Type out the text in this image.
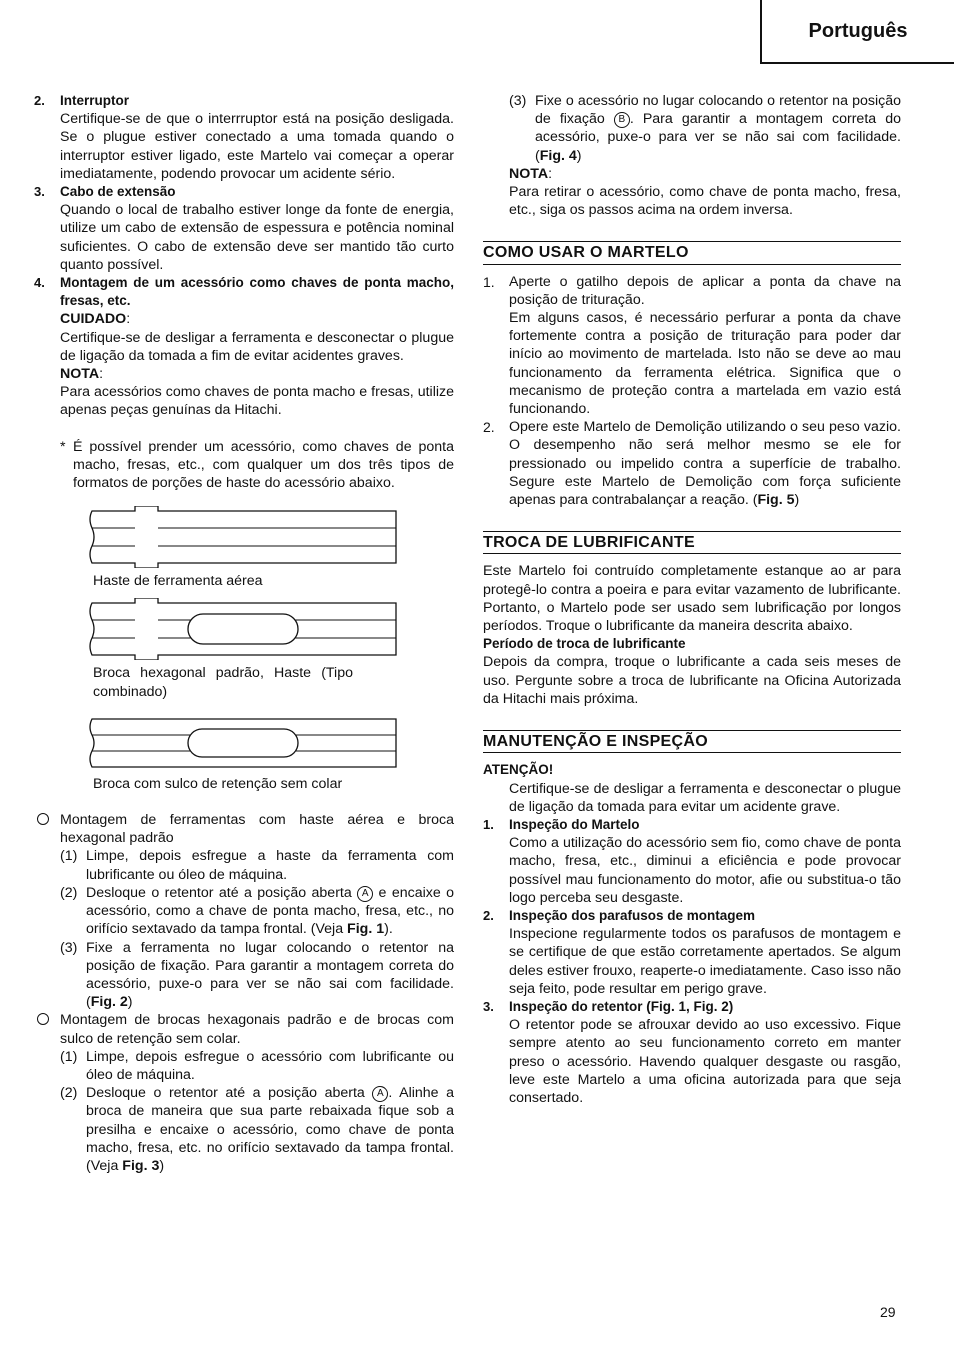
Português
2. Interruptor

Certifique-se de que o interrruptor está na posição desligada. Se o plugue estiver conectado a uma tomada quando o interruptor estiver ligado, este Martelo vai começar a operar imediatamente, podendo provocar um acidente sério.

3. Cabo de extensão

Quando o local de trabalho estiver longe da fonte de energia, utilize um cabo de extensão de espessura e potência nominal suficientes. O cabo de extensão deve ser mantido tão curto quanto possível.

4. Montagem de um acessório como chaves de ponta macho, fresas, etc.

CUIDADO:

Certifique-se de desligar a ferramenta e desconectar o plugue de ligação da tomada a fim de evitar acidentes graves.

NOTA:

Para acessórios como chaves de ponta macho e fresas, utilize apenas peças genuínas da Hitachi.

* É possível prender um acessório, como chaves de ponta macho, fresas, etc., com qualquer um dos três tipos de formatos de porções de haste do acessório abaixo.

Haste de ferramenta aérea

Broca hexagonal padrão, Haste (Tipo combinado)

Broca com sulco de retenção sem colar

Montagem de ferramentas com haste aérea e broca hexagonal padrão

(1) Limpe, depois esfregue a haste da ferramenta com lubrificante ou óleo de máquina.

(2) Desloque o retentor até a posição aberta A e encaixe o acessório, como a chave de ponta macho, fresa, etc., no orifício sextavado da tampa frontal. (Veja Fig. 1).

(3) Fixe a ferramenta no lugar colocando o retentor na posição de fixação. Para garantir a montagem correta do acessório, puxe-o para ver se não sai com facilidade. (Fig. 2)

Montagem de brocas hexagonais padrão e de brocas com sulco de retenção sem colar.

(1) Limpe, depois esfregue o acessório com lubrificante ou óleo de máquina.

(2) Desloque o retentor até a posição aberta A . Alinhe a broca de maneira que sua parte rebaixada fique sob a presilha e encaixe o acessório, como chave de ponta macho, fresa, etc. no orifício sextavado da tampa frontal. (Veja Fig. 3)

(3) Fixe o acessório no lugar colocando o retentor na posição de fixação B . Para garantir a montagem correta do acessório, puxe-o para ver se não sai com facilidade. (Fig. 4)

NOTA:

Para retirar o acessório, como chave de ponta macho, fresa, etc., siga os passos acima na ordem inversa.

COMO USAR O MARTELO
1. Aperte o gatilho depois de aplicar a ponta da chave na posição de trituração.

Em alguns casos, é necessário perfurar a ponta da chave fortemente contra a posição de trituração para poder dar início ao movimento de martelada. Isto não se deve ao mau funcionamento da ferramenta elétrica. Significa que o mecanismo de proteção contra a martelada em vazio está funcionando.

2. Opere este Martelo de Demolição utilizando o seu peso vazio. O desempenho não será melhor mesmo se ele for pressionado ou impelido contra a superfície de trabalho. Segure este Martelo de Demolição com força suficiente apenas para contrabalançar a reação. (Fig. 5)

TROCA DE LUBRIFICANTE

Este Martelo foi contruído completamente estanque ao ar para protegê-lo contra a poeira e para evitar vazamento de lubrificante. Portanto, o Martelo pode ser usado sem lubrificação por longos períodos. Troque o lubrificante da maneira descrita abaixo.

Período de troca de lubrificante

Depois da compra, troque o lubrificante a cada seis meses de uso. Pergunte sobre a troca de lubrificante na Oficina Autorizada da Hitachi mais próxima.

MANUTENÇÃO E INSPEÇÃO

ATENÇÃO!

Certifique-se de desligar a ferramenta e desconectar o plugue de ligação da tomada para evitar um acidente grave.

1. Inspeção do Martelo

Como a utilização do acessório sem fio, como chave de ponta macho, fresa, etc., diminui a eficiência e pode provocar possível mau funcionamento do motor, afie ou substitua-o tão logo perceba seu desgaste.

2. Inspeção dos parafusos de montagem

Inspecione regularmente todos os parafusos de montagem e se certifique de que estão corretamente apertados. Se algum deles estiver frouxo, reaperte-o imediatamente. Caso isso não seja feito, pode resultar em perigo grave.

3. Inspeção do retentor (Fig. 1, Fig. 2)

O retentor pode se afrouxar devido ao uso excessivo. Fique sempre atento ao seu funcionamento correto em manter preso o acessório. Havendo qualquer desgaste ou rasgão, leve este Martelo a uma oficina autorizada para que seja consertado.

29
